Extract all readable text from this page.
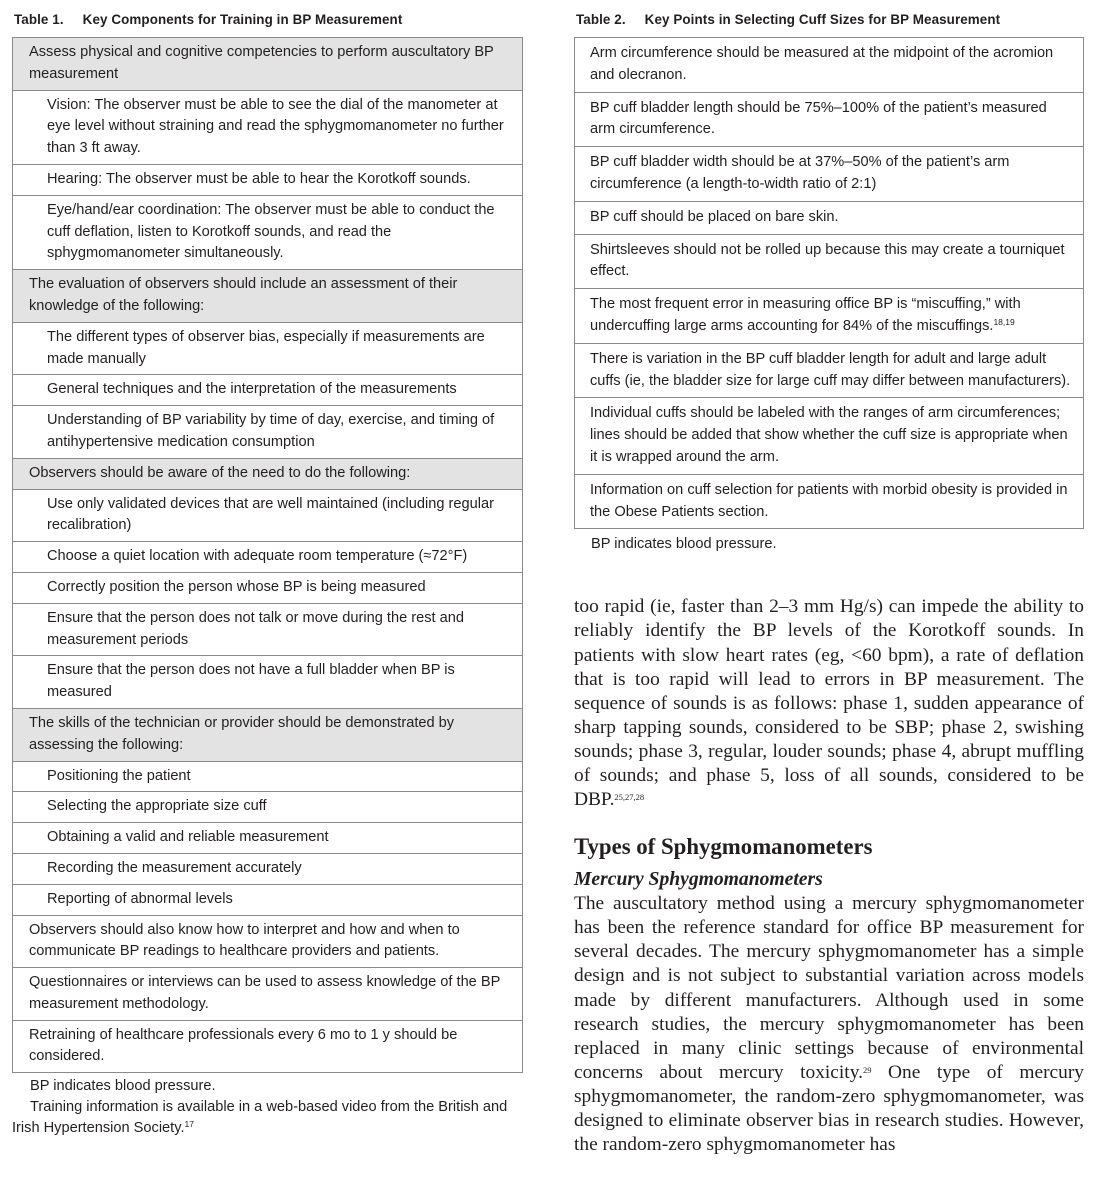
Table 1. Key Components for Training in BP Measurement
Assess physical and cognitive competencies to perform auscultatory BP measurement
Vision: The observer must be able to see the dial of the manometer at eye level without straining and read the sphygmomanometer no further than 3 ft away.
Hearing: The observer must be able to hear the Korotkoff sounds.
Eye/hand/ear coordination: The observer must be able to conduct the cuff deflation, listen to Korotkoff sounds, and read the sphygmomanometer simultaneously.
The evaluation of observers should include an assessment of their knowledge of the following:
The different types of observer bias, especially if measurements are made manually
General techniques and the interpretation of the measurements
Understanding of BP variability by time of day, exercise, and timing of antihypertensive medication consumption
Observers should be aware of the need to do the following:
Use only validated devices that are well maintained (including regular recalibration)
Choose a quiet location with adequate room temperature (≈72°F)
Correctly position the person whose BP is being measured
Ensure that the person does not talk or move during the rest and measurement periods
Ensure that the person does not have a full bladder when BP is measured
The skills of the technician or provider should be demonstrated by assessing the following:
Positioning the patient
Selecting the appropriate size cuff
Obtaining a valid and reliable measurement
Recording the measurement accurately
Reporting of abnormal levels
Observers should also know how to interpret and how and when to communicate BP readings to healthcare providers and patients.
Questionnaires or interviews can be used to assess knowledge of the BP measurement methodology.
Retraining of healthcare professionals every 6 mo to 1 y should be considered.

BP indicates blood pressure.

Training information is available in a web-based video from the British and Irish Hypertension Society.$^{17}$

Table 2. Key Points in Selecting Cuff Sizes for BP Measurement
Arm circumference should be measured at the midpoint of the acromion and olecranon.
BP cuff bladder length should be 75%–100% of the patient’s measured arm circumference.
BP cuff bladder width should be at 37%–50% of the patient’s arm circumference (a length-to-width ratio of 2:1)
BP cuff should be placed on bare skin.
Shirtsleeves should not be rolled up because this may create a tourniquet effect.
The most frequent error in measuring office BP is “miscuffing,” with undercuffing large arms accounting for 84% of the miscuffings.$^{18,19}$
There is variation in the BP cuff bladder length for adult and large adult cuffs (ie, the bladder size for large cuff may differ between manufacturers).
Individual cuffs should be labeled with the ranges of arm circumferences; lines should be added that show whether the cuff size is appropriate when it is wrapped around the arm.
Information on cuff selection for patients with morbid obesity is provided in the Obese Patients section.
BP indicates blood pressure.

too rapid (ie, faster than 2–3 mm Hg/s) can impede the ability to reliably identify the BP levels of the Korotkoff sounds. In patients with slow heart rates (eg, <60 bpm), a rate of deflation that is too rapid will lead to errors in BP measurement. The sequence of sounds is as follows: phase 1, sudden appearance of sharp tapping sounds, considered to be SBP; phase 2, swishing sounds; phase 3, regular, louder sounds; phase 4, abrupt muffling of sounds; and phase 5, loss of all sounds, considered to be DBP.$^{25,27,28}$

Types of Sphygmomanometers
Mercury Sphygmomanometers

The auscultatory method using a mercury sphygmomanometer has been the reference standard for office BP measurement for several decades. The mercury sphygmomanometer has a simple design and is not subject to substantial variation across models made by different manufacturers. Although used in some research studies, the mercury sphygmomanometer has been replaced in many clinic settings because of environmental concerns about mercury toxicity.$^{29}$ One type of mercury sphygmomanometer, the random-zero sphygmomanometer, was designed to eliminate observer bias in research studies. However, the random-zero sphygmomanometer has
